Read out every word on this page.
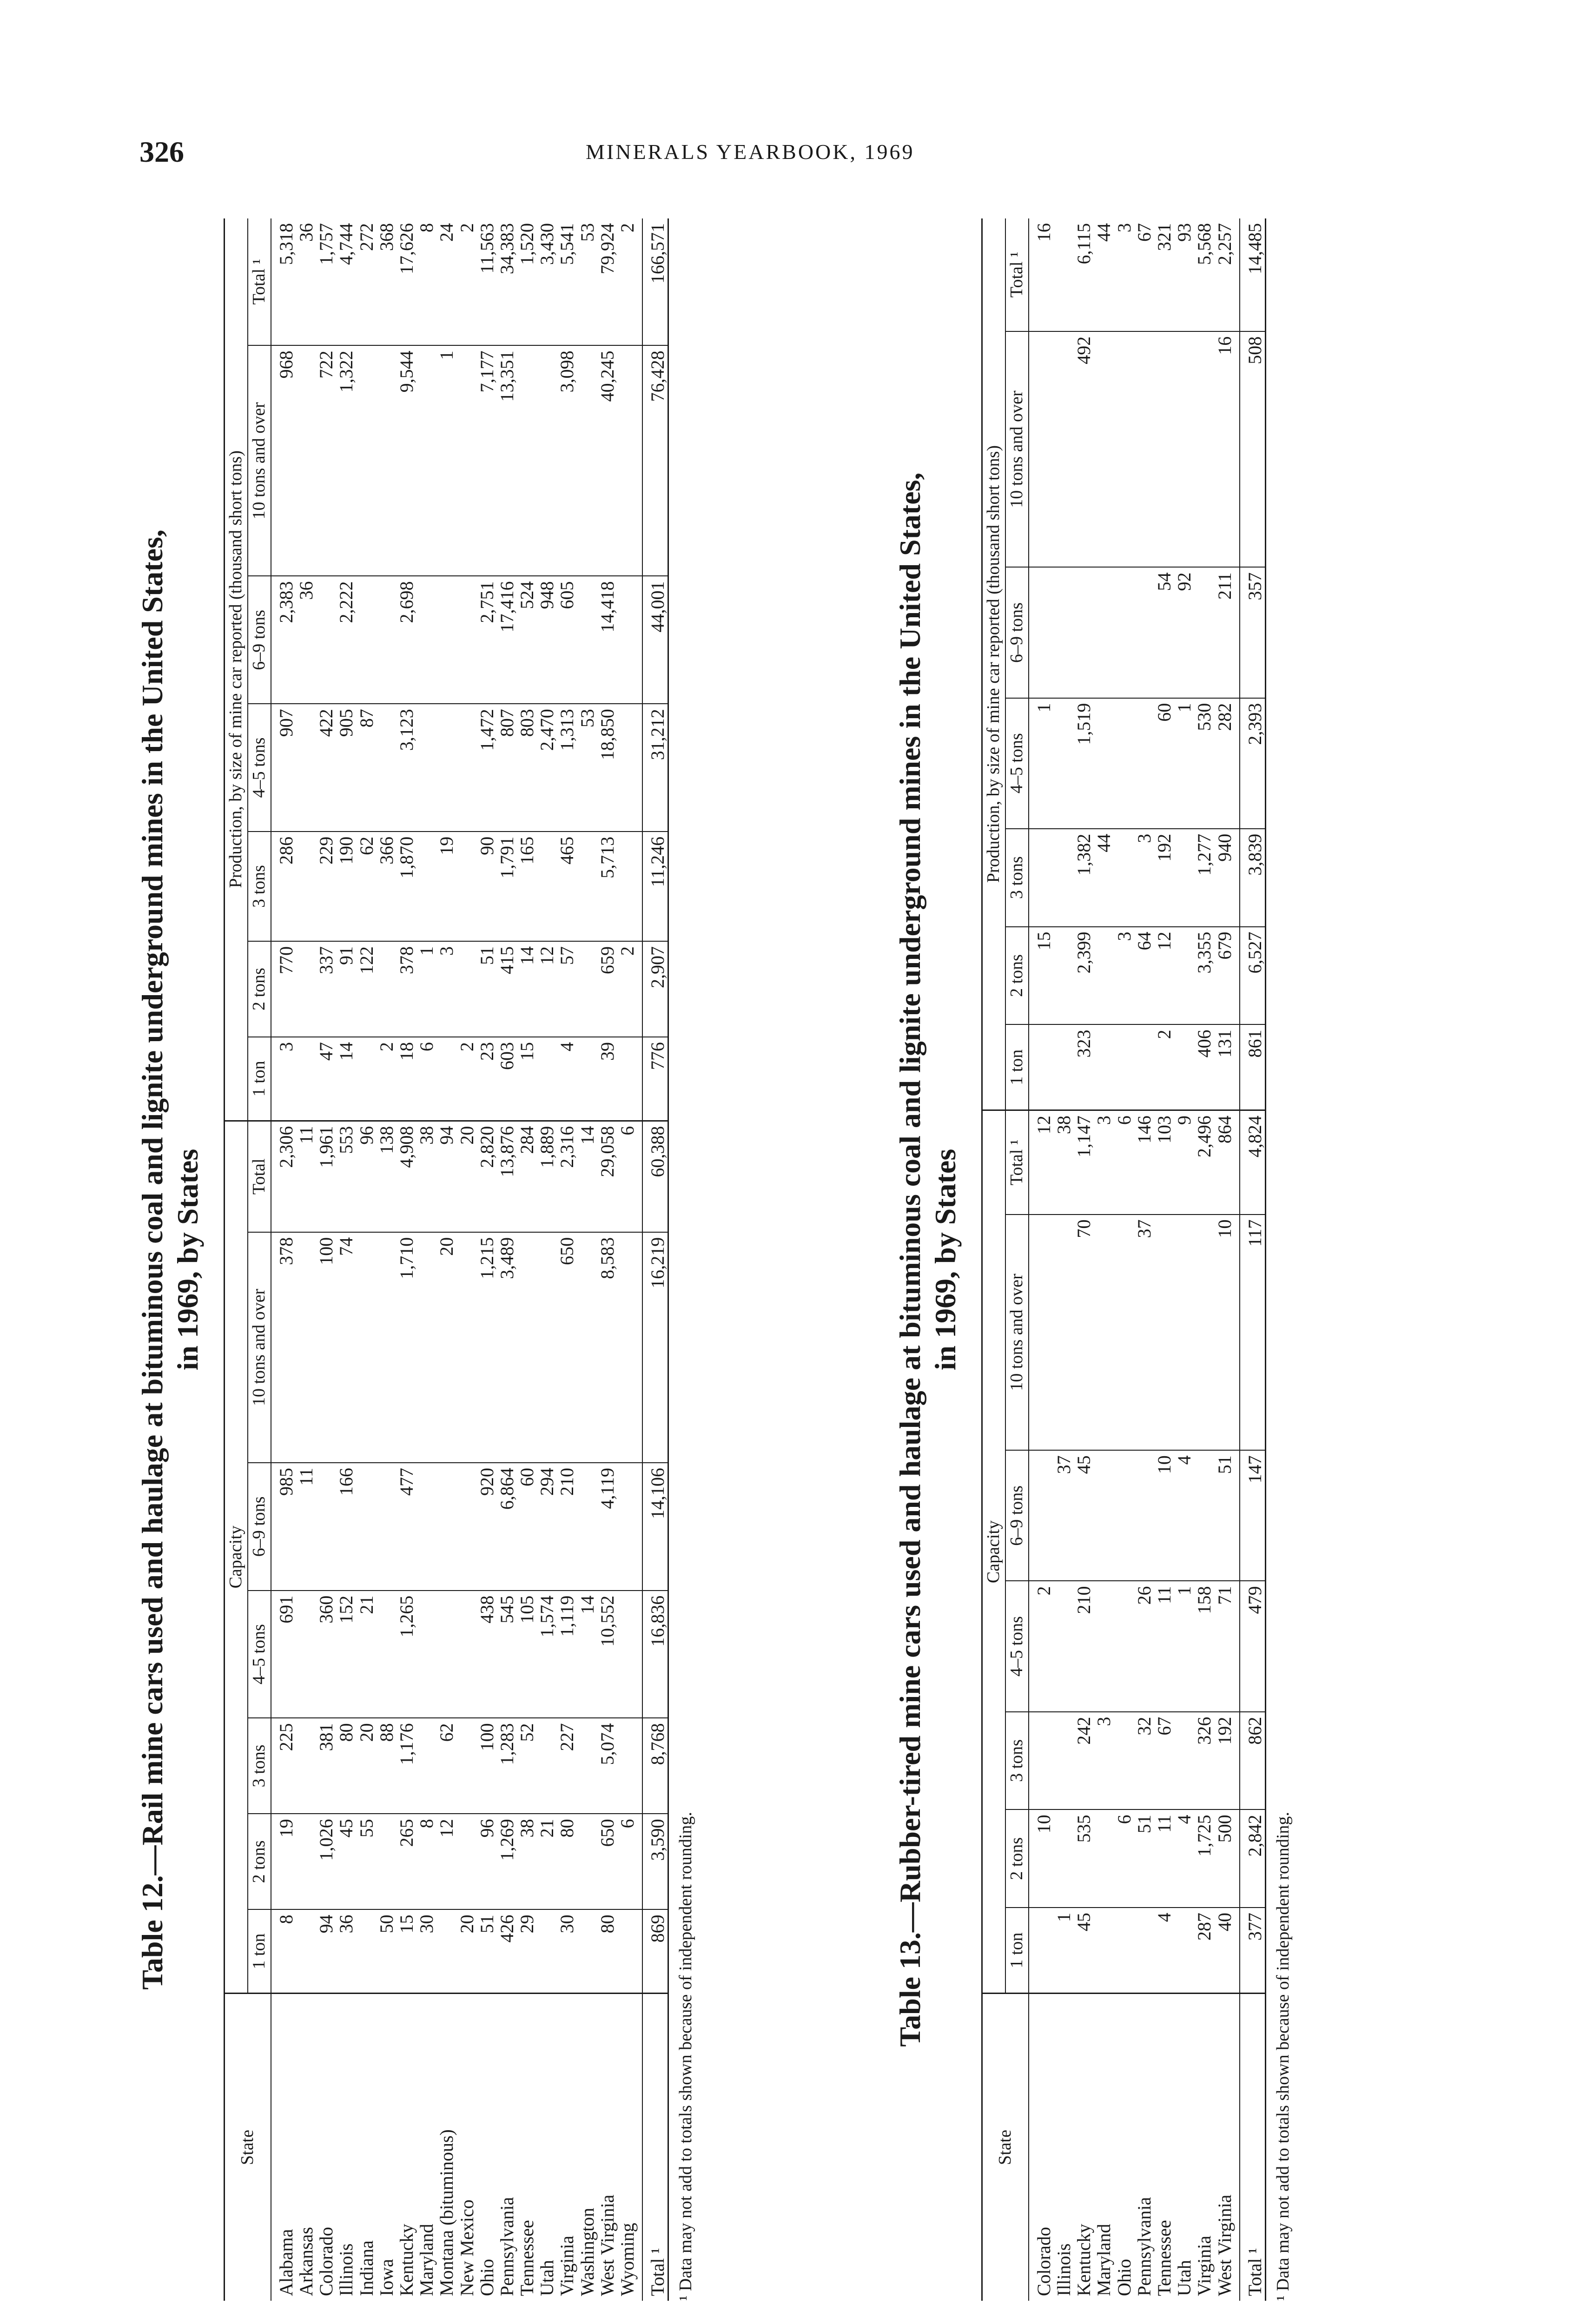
326	MINERALS YEARBOOK, 1969

Table 12.—Rail mine cars used and haulage at bituminous coal and lignite underground mines in the United States,
in 1969, by States

State	Capacity							Production, by size of mine car reported (thousand short tons)						
	1 ton	2 tons	3 tons	4–5 tons	6–9 tons	10 tons and over	Total	1 ton	2 tons	3 tons	4–5 tons	6–9 tons	10 tons and over	Total ¹
Alabama	8	19	225	691	985	378	2,306	3	770	286	907	2,383	968	5,318
Arkansas					11		11					36		36
Colorado	94	1,026	381	360		100	1,961	47	337	229	422		722	1,757
Illinois	36	45	80	152	166	74	553	14	91	190	905	2,222	1,322	4,744
Indiana		55	20	21			96		122	62	87			272
Iowa	50		88				138	2		366				368
Kentucky	15	265	1,176	1,265	477	1,710	4,908	18	378	1,870	3,123	2,698	9,544	17,626
Maryland	30	8					38	6	1					8
Montana (bituminous)		12	62			20	94		3	19			1	24
New Mexico	20						20	2						2
Ohio	51	96	100	438	920	1,215	2,820	23	51	90	1,472	2,751	7,177	11,563
Pennsylvania	426	1,269	1,283	545	6,864	3,489	13,876	603	415	1,791	807	17,416	13,351	34,383
Tennessee	29	38	52	105	60		284	15	14	165	803	524		1,520
Utah		21		1,574	294		1,889		12		2,470	948		3,430
Virginia	30	80	227	1,119	210	650	2,316	4	57	465	1,313	605	3,098	5,541
Washington				14			14				53			53
West Virginia	80	650	5,074	10,552	4,119	8,583	29,058	39	659	5,713	18,850	14,418	40,245	79,924
Wyoming		6					6		2					2
Total ¹	869	3,590	8,768	16,836	14,106	16,219	60,388	776	2,907	11,246	31,212	44,001	76,428	166,571
¹ Data may not add to totals shown because of independent rounding.

Table 13.—Rubber-tired mine cars used and haulage at bituminous coal and lignite underground mines in the United States,
in 1969, by States

State	Capacity							Production, by size of mine car reported (thousand short tons)						
	1 ton	2 tons	3 tons	4–5 tons	6–9 tons	10 tons and over	Total ¹	1 ton	2 tons	3 tons	4–5 tons	6–9 tons	10 tons and over	Total ¹
Colorado		10		2			12		15		1			16
Illinois	1				37		38							
Kentucky	45	535	242	210	45	70	1,147	323	2,399	1,382	1,519		492	6,115
Maryland			3				3			44				44
Ohio		6					6		3					3
Pennsylvania		51	32	26		37	146		64	3				67
Tennessee	4	11	67	11	10		103	2	12	192	60	54		321
Utah		4		1	4		9				1	92		93
Virginia	287	1,725	326	158			2,496	406	3,355	1,277	530			5,568
West Virginia	40	500	192	71	51	10	864	131	679	940	282	211	16	2,257
Total ¹	377	2,842	862	479	147	117	4,824	861	6,527	3,839	2,393	357	508	14,485
¹ Data may not add to totals shown because of independent rounding.
